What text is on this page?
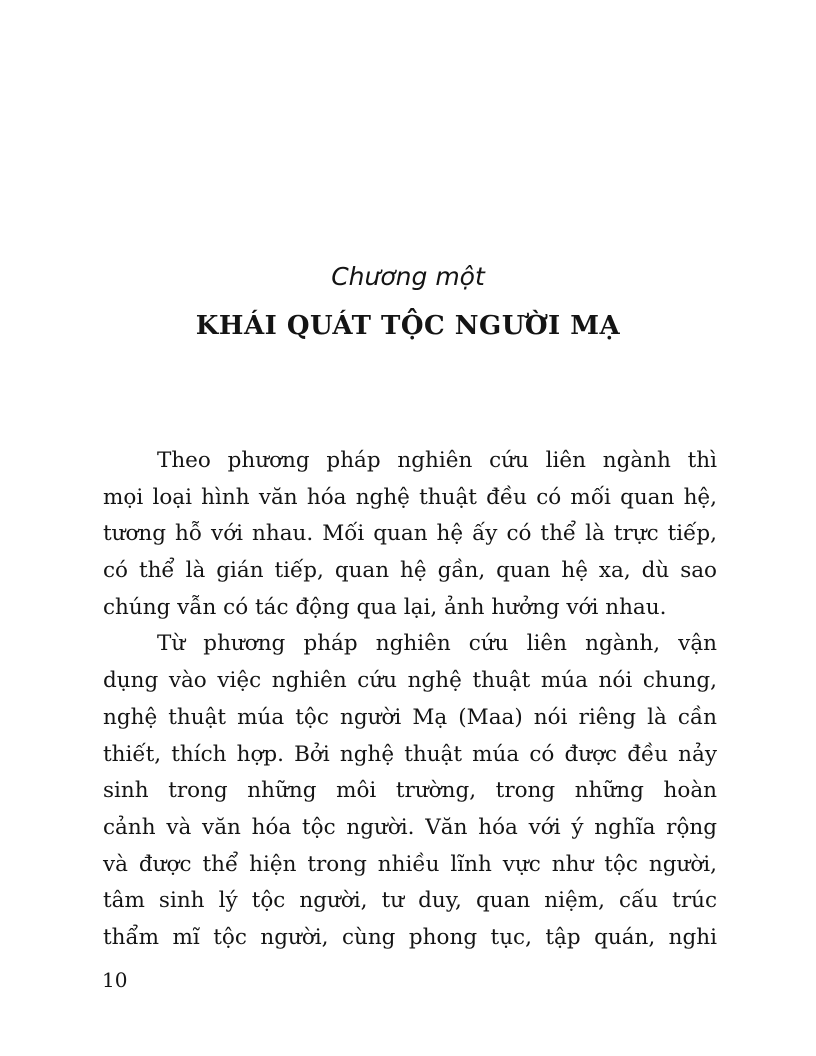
Chương một
KHÁI QUÁT TỘC NGƯỜI MẠ
Theo phương pháp nghiên cứu liên ngành thì
mọi loại hình văn hóa nghệ thuật đều có mối quan hệ,
tương hỗ với nhau. Mối quan hệ ấy có thể là trực tiếp,
có thể là gián tiếp, quan hệ gần, quan hệ xa, dù sao
chúng vẫn có tác động qua lại, ảnh hưởng với nhau.
Từ phương pháp nghiên cứu liên ngành, vận
dụng vào việc nghiên cứu nghệ thuật múa nói chung,
nghệ thuật múa tộc người Mạ (Maa) nói riêng là cần
thiết, thích hợp. Bởi nghệ thuật múa có được đều nảy
sinh trong những môi trường, trong những hoàn
cảnh và văn hóa tộc người. Văn hóa với ý nghĩa rộng
và được thể hiện trong nhiều lĩnh vực như tộc người,
tâm sinh lý tộc người, tư duy, quan niệm, cấu trúc
thẩm mĩ tộc người, cùng phong tục, tập quán, nghi
10
